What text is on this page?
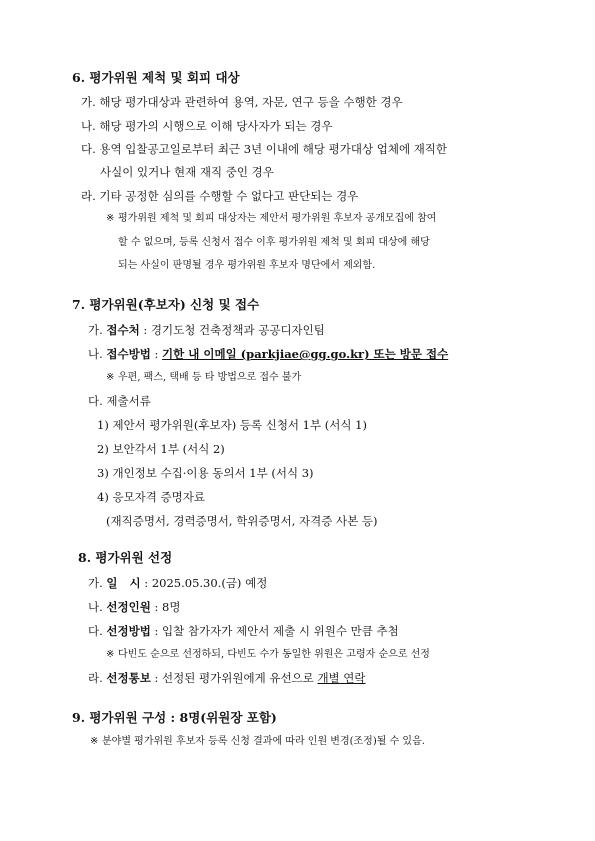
6. 평가위원 제척 및 회피 대상
가. 해당 평가대상과 관련하여 용역, 자문, 연구 등을 수행한 경우
나. 해당 평가의 시행으로 이해 당사자가 되는 경우
다. 용역 입찰공고일로부터 최근 3년 이내에 해당 평가대상 업체에 재직한
사실이 있거나 현재 재직 중인 경우
라. 기타 공정한 심의를 수행할 수 없다고 판단되는 경우
※ 평가위원 제척 및 회피 대상자는 제안서 평가위원 후보자 공개모집에 참여
할 수 없으며, 등록 신청서 접수 이후 평가위원 제척 및 회피 대상에 해당
되는 사실이 판명될 경우 평가위원 후보자 명단에서 제외함.
7. 평가위원(후보자) 신청 및 접수
가. 접수처 : 경기도청 건축정책과 공공디자인팀
나. 접수방법 : 기한 내 이메일 (parkjiae@gg.go.kr) 또는 방문 접수
※ 우편, 팩스, 택배 등 타 방법으로 접수 불가
다. 제출서류
1) 제안서 평가위원(후보자) 등록 신청서 1부 (서식 1)
2) 보안각서 1부 (서식 2)
3) 개인정보 수집·이용 동의서 1부 (서식 3)
4) 응모자격 증명자료
(재직증명서, 경력증명서, 학위증명서, 자격증 사본 등)
8. 평가위원 선정
가. 일   시 : 2025.05.30.(금) 예정
나. 선정인원 : 8명
다. 선정방법 : 입찰 참가자가 제안서 제출 시 위원수 만큼 추첨
※ 다빈도 순으로 선정하되, 다빈도 수가 동일한 위원은 고령자 순으로 선정
라. 선정통보 : 선정된 평가위원에게 유선으로 개별 연락
9. 평가위원 구성 : 8명(위원장 포함)
※ 분야별 평가위원 후보자 등록 신청 결과에 따라 인원 변경(조정)될 수 있음.
